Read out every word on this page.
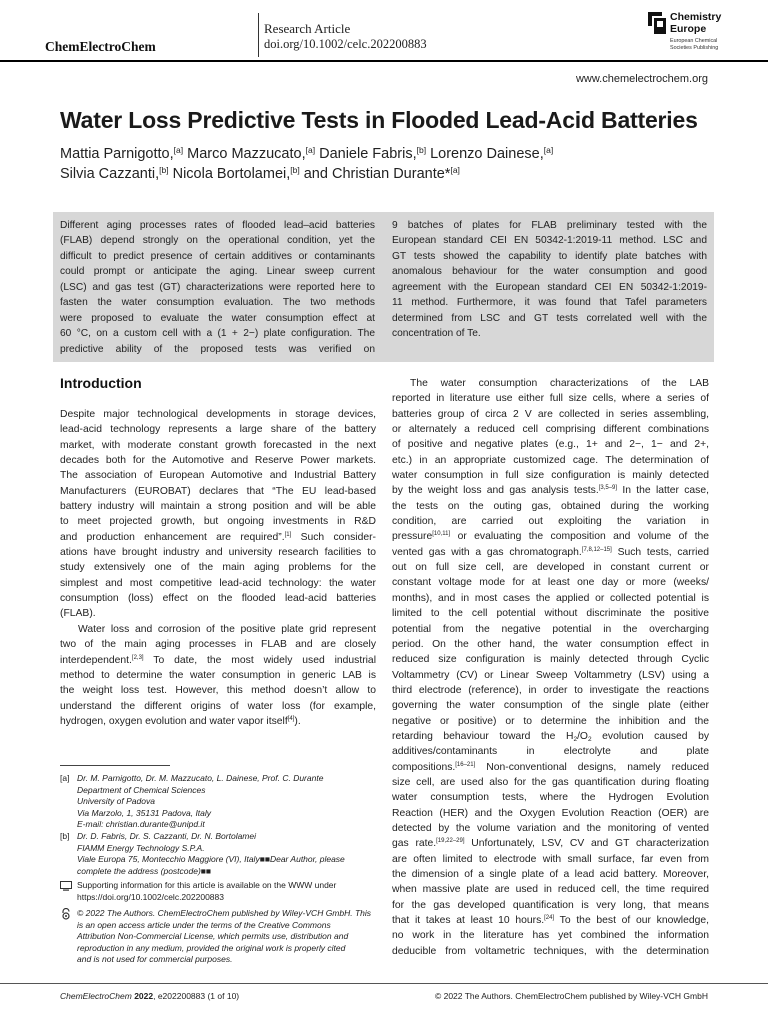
ChemElectroChem
Research Article
doi.org/10.1002/celc.202200883
Chemistry
Europe
European Chemical
Societies Publishing
www.chemelectrochem.org
Water Loss Predictive Tests in Flooded Lead-Acid Batteries
Mattia Parnigotto,[a] Marco Mazzucato,[a] Daniele Fabris,[b] Lorenzo Dainese,[a]
Silvia Cazzanti,[b] Nicola Bortolamei,[b] and Christian Durante*[a]
Different aging processes rates of flooded lead–acid batteries
(FLAB) depend strongly on the operational condition, yet the
difficult to predict presence of certain additives or contaminants
could prompt or anticipate the aging. Linear sweep current
(LSC) and gas test (GT) characterizations were reported here to
fasten the water consumption evaluation. The two methods
were proposed to evaluate the water consumption effect at
60 °C, on a custom cell with a (1 + 2−) plate configuration. The
predictive ability of the proposed tests was verified on
9 batches of plates for FLAB preliminary tested with the
European standard CEI EN 50342-1:2019-11 method. LSC and
GT tests showed the capability to identify plate batches with
anomalous behaviour for the water consumption and good
agreement with the European standard CEI EN 50342-1:2019-
11 method. Furthermore, it was found that Tafel parameters
determined from LSC and GT tests correlated well with the
concentration of Te.
Introduction
Despite major technological developments in storage devices,
lead-acid technology represents a large share of the battery
market, with moderate constant growth forecasted in the next
decades both for the Automotive and Reserve Power markets.
The association of European Automotive and Industrial Battery
Manufacturers (EUROBAT) declares that “The EU lead-based
battery industry will maintain a strong position and will be able
to meet projected growth, but ongoing investments in R&D
and production enhancement are required”.[1] Such consider-
ations have brought industry and university research facilities to
study extensively one of the main aging problems for the
simplest and most competitive lead-acid technology: the water
consumption (loss) effect on the flooded lead-acid batteries
(FLAB).
Water loss and corrosion of the positive plate grid represent
two of the main aging processes in FLAB and are closely
interdependent.[2,3] To date, the most widely used industrial
method to determine the water consumption in generic LAB is
the weight loss test. However, this method doesn’t allow to
understand the different origins of water loss (for example,
hydrogen, oxygen evolution and water vapor itself[4]).
The water consumption characterizations of the LAB
reported in literature use either full size cells, where a series of
batteries group of circa 2 V are collected in series assembling,
or alternately a reduced cell comprising different combinations
of positive and negative plates (e.g., 1+ and 2−, 1− and 2+,
etc.) in an appropriate customized cage. The determination of
water consumption in full size configuration is mainly detected
by the weight loss and gas analysis tests.[3,5–9] In the latter case,
the tests on the outing gas, obtained during the working
condition, are carried out exploiting the variation in
pressure[10,11] or evaluating the composition and volume of the
vented gas with a gas chromatograph.[7,8,12–15] Such tests, carried
out on full size cell, are developed in constant current or
constant voltage mode for at least one day or more (weeks/
months), and in most cases the applied or collected potential is
limited to the cell potential without discriminate the positive
potential from the negative potential in the overcharging
period. On the other hand, the water consumption effect in
reduced size configuration is mainly detected through Cyclic
Voltammetry (CV) or Linear Sweep Voltammetry (LSV) using a
third electrode (reference), in order to investigate the reactions
governing the water consumption of the single plate (either
negative or positive) or to determine the inhibition and the
retarding behaviour toward the $H_2/O_2$ evolution caused by
additives/contaminants in electrolyte and plate
compositions.[16–21] Non-conventional designs, namely reduced
size cell, are used also for the gas quantification during floating
water consumption tests, where the Hydrogen Evolution
Reaction (HER) and the Oxygen Evolution Reaction (OER) are
detected by the volume variation and the monitoring of vented
gas rate.[19,22–29] Unfortunately, LSV, CV and GT characterization
are often limited to electrode with small surface, far even from
the dimension of a single plate of a lead acid battery. Moreover,
when massive plate are used in reduced cell, the time required
for the gas developed quantification is very long, that means
that it takes at least 10 hours.[24] To the best of our knowledge,
no work in the literature has yet combined the information
deducible from voltametric techniques, with the determination
[a] Dr. M. Parnigotto, Dr. M. Mazzucato, L. Dainese, Prof. C. Durante
Department of Chemical Sciences
University of Padova
Via Marzolo, 1, 35131 Padova, Italy
E-mail: christian.durante@unipd.it
[b] Dr. D. Fabris, Dr. S. Cazzanti, Dr. N. Bortolamei
FIAMM Energy Technology S.P.A.
Viale Europa 75, Montecchio Maggiore (VI), Italy■■Dear Author, please
complete the address (postcode)■■
Supporting information for this article is available on the WWW under
https://doi.org/10.1002/celc.202200883
© 2022 The Authors. ChemElectroChem published by Wiley-VCH GmbH. This
is an open access article under the terms of the Creative Commons
Attribution Non-Commercial License, which permits use, distribution and
reproduction in any medium, provided the original work is properly cited
and is not used for commercial purposes.
ChemElectroChem 2022, e202200883 (1 of 10)	© 2022 The Authors. ChemElectroChem published by Wiley-VCH GmbH
